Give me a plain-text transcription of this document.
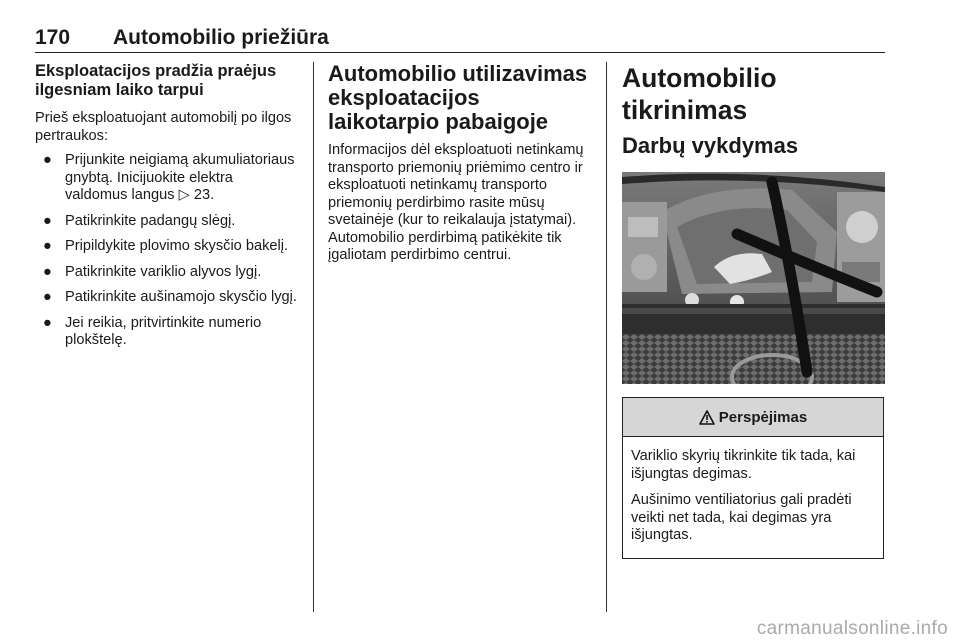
170 Automobilio priežiūra
Eksploatacijos pradžia praėjus ilgesniam laiko tarpui
Prieš eksploatuojant automobilį po ilgos pertraukos:
● Prijunkite neigiamą akumuliatoriaus gnybtą. Inicijuokite elektra valdomus langus ▷ 23.
● Patikrinkite padangų slėgį.
● Pripildykite plovimo skysčio bakelį.
● Patikrinkite variklio alyvos lygį.
● Patikrinkite aušinamojo skysčio lygį.
● Jei reikia, pritvirtinkite numerio plokštelę.
Automobilio utilizavimas eksploatacijos laikotarpio pabaigoje
Informacijos dėl eksploatuoti netinkamų transporto priemonių priėmimo centro ir eksploatuoti netinkamų transporto priemonių perdirbimo rasite mūsų svetainėje (kur to reikalauja įstatymai). Automobilio perdirbimą patikėkite tik įgaliotam perdirbimo centrui.
Automobilio tikrinimas
Darbų vykdymas
Perspėjimas
Variklio skyrių tikrinkite tik tada, kai išjungtas degimas.
Aušinimo ventiliatorius gali pradėti veikti net tada, kai degimas yra išjungtas.
carmanualsonline.info
